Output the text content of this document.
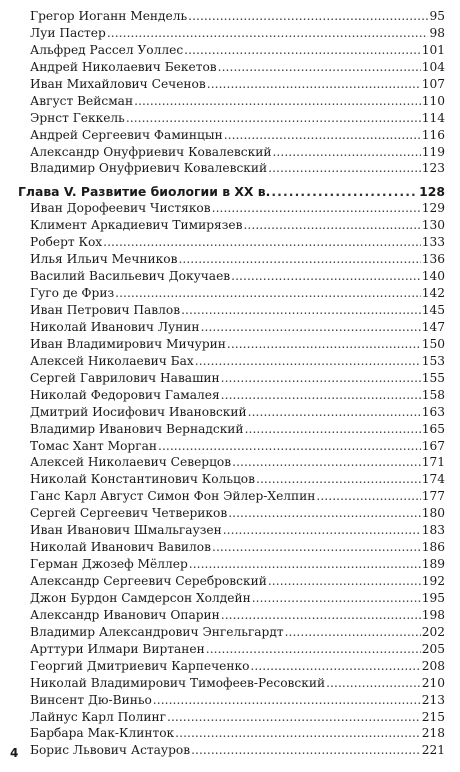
Грегор Иоганн Мендель . . .	95
Луи Пастер . . .	98
Альфред Рассел Уоллес . . .	101
Андрей Николаевич Бекетов . . .	104
Иван Михайлович Сеченов . . .	107
Август Вейсман . . .	110
Эрнст Геккель . . .	114
Андрей Сергеевич Фаминцын . . .	116
Александр Онуфриевич Ковалевский . . .	119
Владимир Онуфриевич Ковалевский . . .	123
Глава V. Развитие биологии в XX в. . . .	128
Иван Дорофеевич Чистяков . . .	129
Климент Аркадиевич Тимирязев . . .	130
Роберт Кох . . .	133
Илья Ильич Мечников . . .	136
Василий Васильевич Докучаев . . .	140
Гуго де Фриз . . .	142
Иван Петрович Павлов . . .	145
Николай Иванович Лунин . . .	147
Иван Владимирович Мичурин . . .	150
Алексей Николаевич Бах . . .	153
Сергей Гаврилович Навашин . . .	155
Николай Федорович Гамалея . . .	158
Дмитрий Иосифович Ивановский . . .	163
Владимир Иванович Вернадский . . .	165
Томас Хант Морган . . .	167
Алексей Николаевич Северцов . . .	171
Николай Константинович Кольцов . . .	174
Ганс Карл Август Симон Фон Эйлер-Хелпин . . .	177
Сергей Сергеевич Четвериков . . .	180
Иван Иванович Шмальгаузен . . .	183
Николай Иванович Вавилов . . .	186
Герман Джозеф Мёллер . . .	189
Александр Сергеевич Серебровский . . .	192
Джон Бурдон Самдерсон Холдейн . . .	195
Александр Иванович Опарин . . .	198
Владимир Александрович Энгельгардт . . .	202
Арттури Илмари Виртанен . . .	205
Георгий Дмитриевич Карпеченко . . .	208
Николай Владимирович Тимофеев-Ресовский . . .	210
Винсент Дю-Виньо . . .	213
Лайнус Карл Полинг . . .	215
Барбара Мак-Клинток . . .	218
Борис Львович Астауров . . .	221
4
